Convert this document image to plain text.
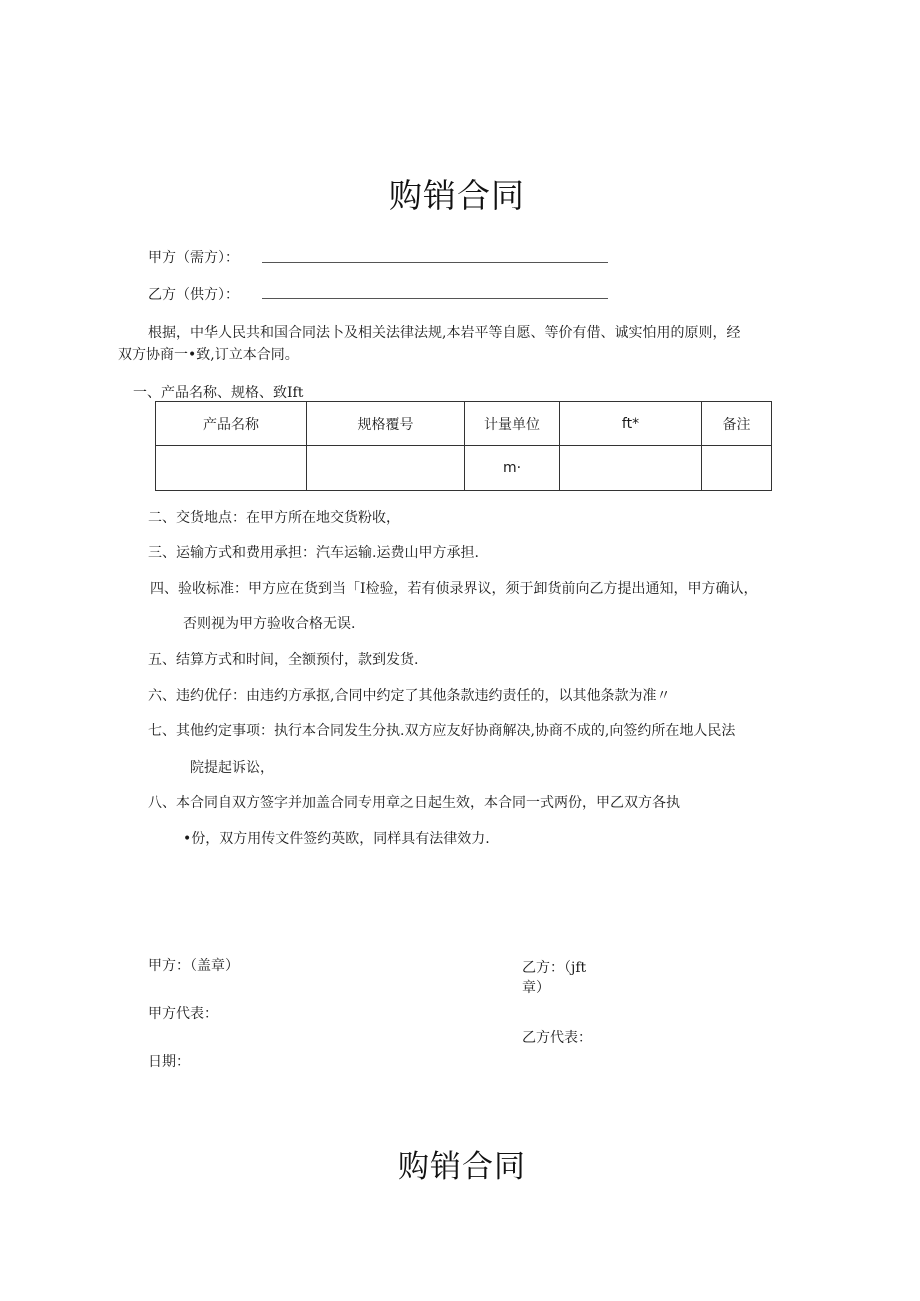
购销合同
甲方（需方）：
乙方（供方）：
根据，中华人民共和国合同法卜及相关法律法规,本岩平等自愿、等价有借、诚实怕用的原则，经
双方协商一•致,订立本合同。
一、产品名称、规格、致Ift
产品名称	规格覆号	计量单位	ft*	备注
		m·		
二、交货地点：在甲方所在地交货粉收，
三、运输方式和费用承担：汽车运输.运费山甲方承担.
四、验收标准：甲方应在货到当「I检验，若有侦录界议，须于卸货前向乙方提出通知，甲方确认，
否则视为甲方验收合格无误.
五、结算方式和时间，全额预付，款到发货.
六、违约优仔：由违约方承抠,合同中约定了其他条款违约责任的，以其他条款为准〃
七、其他约定事项：执行本合同发生分执.双方应友好协商解决,协商不成的,向签约所在地人民法
院提起诉讼，
八、本合同自双方签字并加盖合同专用章之日起生效，本合同一式两份，甲乙双方各执
•份，双方用传文件签约英欧，同样具有法律效力.
甲方：（盖章）
甲方代表：
日期：
乙方：（jft
章）
乙方代表：
购销合同
